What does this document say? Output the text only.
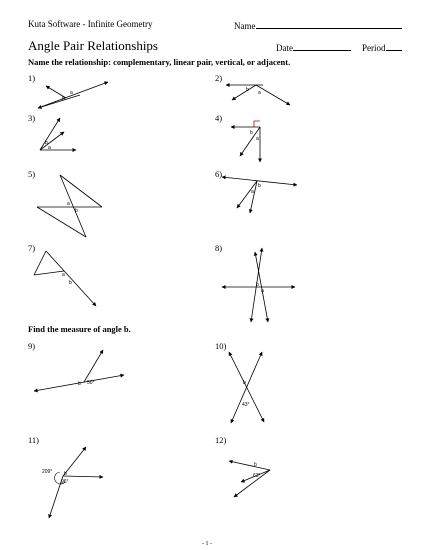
Kuta Software - Infinite Geometry	Name
Angle Pair Relationships	Date	Period
Name the relationship: complementary, linear pair, vertical, or adjacent.
1)	2)
3)	4)
5)	6)
7)	8)
Find the measure of angle b.
9)	10)
11)	12)
a
b
b a
b
a
b
a
a
b
b
a
a
b	b
a
b 50°	b
43°
209° b
96°
b
63°
- 1 -
